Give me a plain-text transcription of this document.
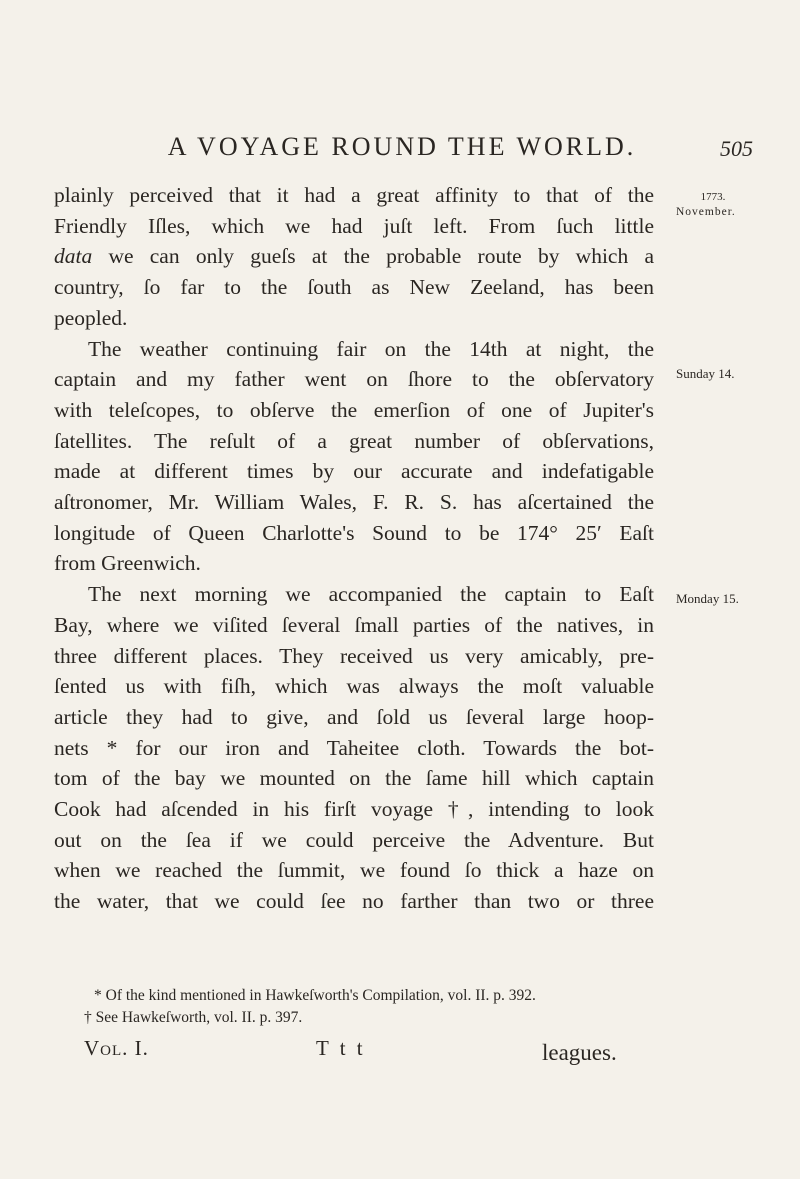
A VOYAGE ROUND THE WORLD.	505
1773.
November.
Sunday 14.
Monday 15.
plainly perceived that it had a great affinity to that of the
Friendly Iſles, which we had juſt left. From ſuch little
data we can only gueſs at the probable route by which a
country, ſo far to the ſouth as New Zeeland, has been
peopled.
The weather continuing fair on the 14th at night, the
captain and my father went on ſhore to the obſervatory
with teleſcopes, to obſerve the emerſion of one of Jupiter's
ſatellites. The reſult of a great number of obſervations,
made at different times by our accurate and indefatigable
aſtronomer, Mr. William Wales, F. R. S. has aſcertained the
longitude of Queen Charlotte's Sound to be 174° 25′ Eaſt
from Greenwich.
The next morning we accompanied the captain to Eaſt
Bay, where we viſited ſeveral ſmall parties of the natives, in
three different places. They received us very amicably, pre-
ſented us with fiſh, which was always the moſt valuable
article they had to give, and ſold us ſeveral large hoop-
nets * for our iron and Taheitee cloth. Towards the bot-
tom of the bay we mounted on the ſame hill which captain
Cook had aſcended in his firſt voyage †, intending to look
out on the ſea if we could perceive the Adventure. But
when we reached the ſummit, we found ſo thick a haze on
the water, that we could ſee no farther than two or three
* Of the kind mentioned in Hawkeſworth's Compilation, vol. II. p. 392.
† See Hawkeſworth, vol. II. p. 397.
Vol. I.	T t t	leagues.
